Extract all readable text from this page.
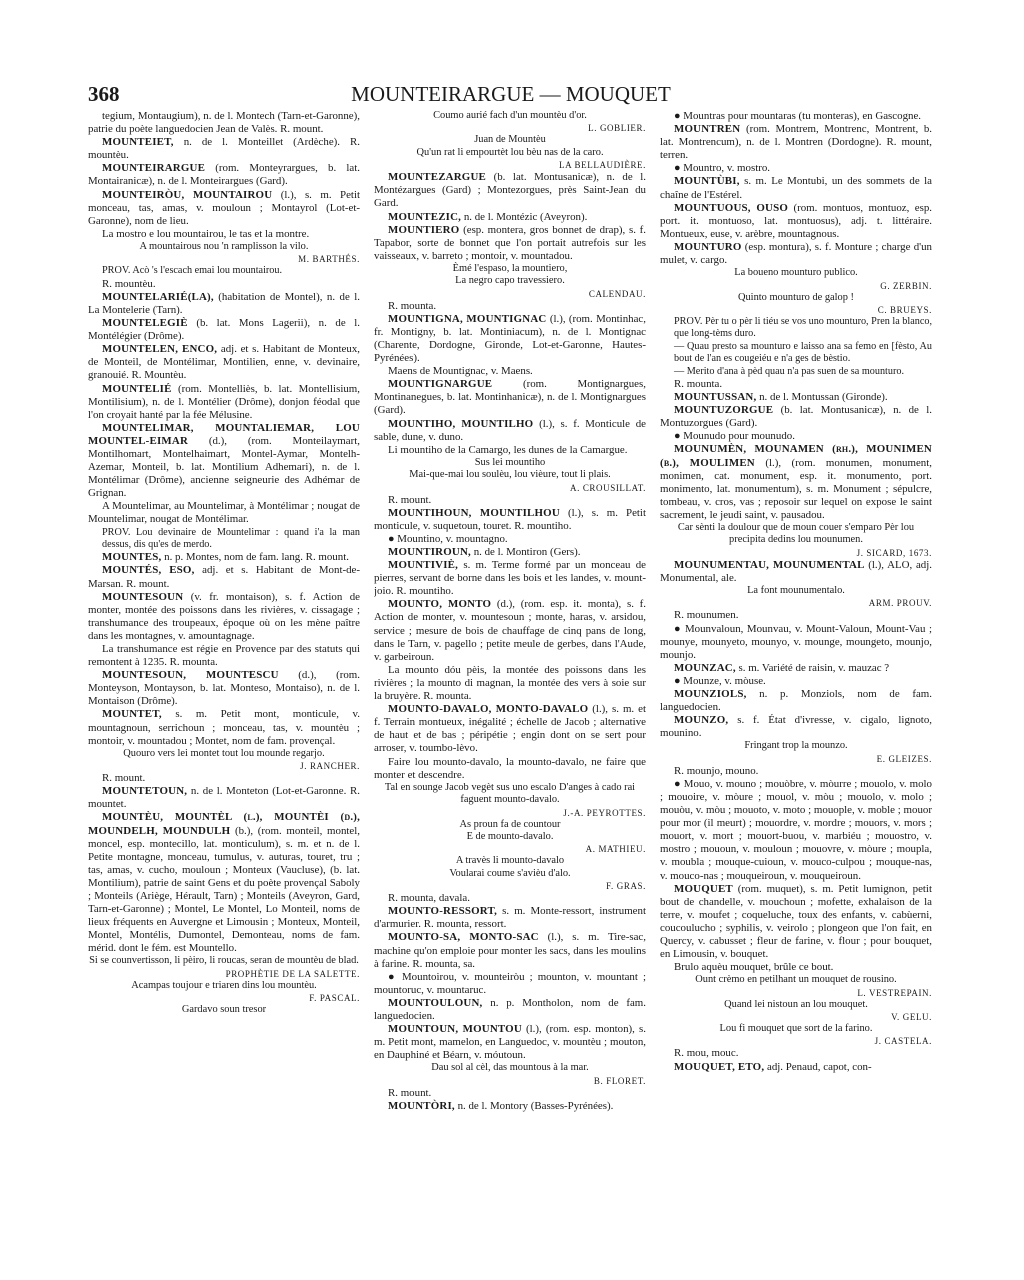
MOUNTEIRARGUE — MOUQUET
368

tegium, Montaugium), n. de l. Montech (Tarn-et-Garonne), patrie du poète languedocien Jean de Valès. R. mount.

MOUNTEIET, n. de l. Monteillet (Ardèche). R. mountèu.

MOUNTEIRARGUE (rom. Monteyrargues, b. lat. Montairanicæ), n. de l. Monteirargues (Gard).

MOUNTEIRÒU, MOUNTAIROU (l.), s. m. Petit monceau, tas, amas, v. mouloun ; Montayrol (Lot-et-Garonne), nom de lieu.

La mostro e lou mountairou, le tas et la montre.

A mountairous nou 'n ramplisson la vilo.

M. BARTHÉS.

PROV. Acò 's l'escach emai lou mountairou.

R. mountèu.

MOUNTELARIÉ(LA), (habitation de Montel), n. de l. La Montelerie (Tarn).

MOUNTELEGIÈ (b. lat. Mons Lagerii), n. de l. Montélégier (Drôme).

MOUNTELEN, ENCO, adj. et s. Habitant de Monteux, de Monteil, de Montélimar, Montilien, enne, v. devinaire, granouié. R. Mountèu.

MOUNTELIÉ (rom. Montelliès, b. lat. Montellisium, Montilisium), n. de l. Montélier (Drôme), donjon féodal que l'on croyait hanté par la fée Mélusine.

MOUNTELIMAR, MOUNTALIEMAR, LOU MOUNTEL-EIMAR (d.), (rom. Monteilaymart, Montilhomart, Montelhaimart, Montel-Aymar, Montelh-Azemar, Monteil, b. lat. Montilium Adhemari), n. de l. Montélimar (Drôme), ancienne seigneurie des Adhémar de Grignan.

A Mountelimar, au Mountelimar, à Montélimar ; nougat de Mountelimar, nougat de Montélimar.

PROV. Lou devinaire de Mountelimar : quand i'a la man dessus, dis qu'es de merdo.

MOUNTES, n. p. Montes, nom de fam. lang. R. mount.

MOUNTÉS, ESO, adj. et s. Habitant de Mont-de-Marsan. R. mount.

MOUNTESOUN (v. fr. montaison), s. f. Action de monter, montée des poissons dans les rivières, v. cissagage ; transhumance des troupeaux, époque où on les mène paître dans les montagnes, v. amountagnage.

La transhumance est régie en Provence par des statuts qui remontent à 1235. R. mounta.

MOUNTESOUN, MOUNTESCU (d.), (rom. Monteyson, Montayson, b. lat. Monteso, Montaiso), n. de l. Montaison (Drôme).

MOUNTET, s. m. Petit mont, monticule, v. mountagnoun, serrichoun ; monceau, tas, v. mountèu ; montoir, v. mountadou ; Montet, nom de fam. provençal.

Quouro vers lei montet tout lou mounde regarjo.

J. RANCHER.

R. mount.

MOUNTETOUN, n. de l. Monteton (Lot-et-Garonne. R. mountet.

MOUNTÈU, MOUNTÈL (l.), MOUNTÈI (d.), MOUNDELH, MOUNDULH (b.), (rom. monteil, montel, moncel, esp. montecillo, lat. monticulum), s. m. et n. de l. Petite montagne, monceau, tumulus, v. auturas, touret, tru ; tas, amas, v. cucho, mouloun ; Monteux (Vaucluse), (b. lat. Montilium), patrie de saint Gens et du poète provençal Saboly ; Monteils (Ariège, Hérault, Tarn) ; Monteils (Aveyron, Gard, Tarn-et-Garonne) ; Montel, Le Montel, Lo Monteil, noms de lieux fréquents en Auvergne et Limousin ; Monteux, Monteil, Montel, Montélis, Dumontel, Demonteau, noms de fam. mérid. dont le fém. est Mountello.

Si se counvertisson, li pèiro, li roucas, seran de mountèu de blad.

PROPHÈTIE DE LA SALETTE.

Acampas toujour e triaren dins lou mountèu.

F. PASCAL.

Gardavo soun tresor

Coumo aurié fach d'un mountèu d'or.

L. GOBLIER.

Juan de Mountèu

Qu'un rat li empourtèt lou bèu nas de la caro.

LA BELLAUDIÈRE.

MOUNTEZARGUE (b. lat. Montusanicæ), n. de l. Montézargues (Gard) ; Montezorgues, près Saint-Jean du Gard.

MOUNTEZIC, n. de l. Montézic (Aveyron).

MOUNTIERO (esp. montera, gros bonnet de drap), s. f. Tapabor, sorte de bonnet que l'on portait autrefois sur les vaisseaux, v. barreto ; montoir, v. mountadou.

Èmé l'espaso, la mountiero,

La negro capo travessiero.

CALENDAU.

R. mounta.

MOUNTIGNA, MOUNTIGNAC (l.), (rom. Montinhac, fr. Montigny, b. lat. Montiniacum), n. de l. Montignac (Charente, Dordogne, Gironde, Lot-et-Garonne, Hautes-Pyrénées).

Maens de Mountignac, v. Maens.

MOUNTIGNARGUE	(rom. Montignargues, Montinanegues, b. lat. Montinhanicæ), n. de l. Montignargues (Gard).

MOUNTIHO, MOUNTILHO (l.), s. f. Monticule de sable, dune, v. duno.

Li mountiho de la Camargo, les dunes de la Camargue.

Sus lei mountiho

Mai-que-mai lou soulèu, lou vièure, tout li plais.

A. CROUSILLAT.

R. mount.

MOUNTIHOUN, MOUNTILHOU (l.), s. m. Petit monticule, v. suquetoun, touret. R. mountiho.

● Mountino, v. mountagno.

MOUNTIROUN, n. de l. Montiron (Gers).

MOUNTIVIÈ, s. m. Terme formé par un monceau de pierres, servant de borne dans les bois et les landes, v. mount-joio. R. mountiho.

MOUNTO, MONTO (d.), (rom. esp. it. monta), s. f. Action de monter, v. mountesoun ; monte, haras, v. arsidou, service ; mesure de bois de chauffage de cinq pans de long, dans le Tarn, v. pagello ; petite meule de gerbes, dans l'Aude, v. garbeiroun.

La mounto dóu pèis, la montée des poissons dans les rivières ; la mounto di magnan, la montée des vers à soie sur la bruyère. R. mounta.

MOUNTO-DAVALO, MONTO-DAVALO (l.), s. m. et f. Terrain montueux, inégalité ; échelle de Jacob ; alternative de haut et de bas ; péripétie ; engin dont on se sert pour arroser, v. toumbo-lèvo.

Faire lou mounto-davalo, la mounto-davalo, ne faire que monter et descendre.

Tal en sounge Jacob vegèt sus uno escalo D'anges à cado rai faguent mounto-davalo.

J.-A. PEYROTTES.

As proun fa de countour

E de mounto-davalo.

A. MATHIEU.

A travès li mounto-davalo

Voularai coume s'avièu d'alo.

F. GRAS.

R. mounta, davala.

MOUNTO-RESSORT, s. m. Monte-ressort, instrument d'armurier. R. mounta, ressort.

MOUNTO-SA, MONTO-SAC (l.), s. m. Tire-sac, machine qu'on emploie pour monter les sacs, dans les moulins à farine. R. mounta, sa.

● Mountoirou, v. mounteiròu ; mounton, v. mountant ; mountoruc, v. mountaruc.

MOUNTOULOUN, n. p. Montholon, nom de fam. languedocien.

MOUNTOUN, MOUNTOU (l.), (rom. esp. monton), s. m. Petit mont, mamelon, en Languedoc, v. mountèu ; mouton, en Dauphiné et Béarn, v. móutoun.

Dau sol al cèl, das mountous à la mar.

B. FLORET.

R. mount.

MOUNTÒRI, n. de l. Montory (Basses-Pyrénées).

● Mountras pour mountaras (tu monteras), en Gascogne.

MOUNTREN (rom. Montrem, Montrenc, Montrent, b. lat. Montrencum), n. de l. Montren (Dordogne). R. mount, terren.

● Mountro, v. mostro.

MOUNTÙBI, s. m. Le Montubi, un des sommets de la chaîne de l'Estérel.

MOUNTUOUS, OUSO (rom. montuos, montuoz, esp. port. it. montuoso, lat. montuosus), adj. t. littéraire. Montueux, euse, v. arèbre, mountagnous.

MOUNTURO (esp. montura), s. f. Monture ; charge d'un mulet, v. cargo.

La boueno mounturo publico.

G. ZERBIN.

Quinto mounturo de galop !

C. BRUEYS.

PROV. Pèr tu o pèr li tiéu se vos uno mounturo, Pren la blanco, que long-tèms duro.

— Quau presto sa mounturo e laisso ana sa femo en [fèsto, Au bout de l'an es cougeiéu e n'a ges de bèstio.

— Merito d'ana à pèd quau n'a pas suen de sa mounturo.

R. mounta.

MOUNTUSSAN, n. de l. Montussan (Gironde).

MOUNTUZORGUE (b. lat. Montusanicæ), n. de l. Montuzorgues (Gard).

● Mounudo pour mounudo.

MOUNUMÈN, MOUNAMEN (rh.), MOUNIMEN (b.), MOULIMEN (l.), (rom. monumen, monument, monimen, cat. monument, esp. it. monumento, port. monimento, lat. monumentum), s. m. Monument ; sépulcre, tombeau, v. cros, vas ; reposoir sur lequel on expose le saint sacrement, le jeudi saint, v. pausadou.

Car sènti la doulour que de moun couer s'emparo Pèr lou precipita dedins lou mounumen.

J. SICARD, 1673.

MOUNUMENTAU, MOUNUMENTAL (l.), ALO, adj. Monumental, ale.

La font mounumentalo.

ARM. PROUV.

R. mounumen.

● Mounvaloun, Mounvau, v. Mount-Valoun, Mount-Vau ; mounye, mounyeto, mounyo, v. mounge, moungeto, mounjo, mounjo.

MOUNZAC, s. m. Variété de raisin, v. mauzac ?

● Mounze, v. mòuse.

MOUNZIOLS, n. p. Monziols, nom de fam. languedocien.

MOUNZO, s. f. État d'ivresse, v. cigalo, lignoto, mounino.

Fringant trop la mounzo.

E. GLEIZES.

R. mounjo, mouno.

● Mouo, v. mouno ; mouòbre, v. mòurre ; mouolo, v. molo ; mouoire, v. mòure ; mouol, v. mòu ; mouolo, v. molo ; mouòu, v. mòu ; mouoto, v. moto ; mouople, v. moble ; mouor pour mor (il meurt) ; mouordre, v. mordre ; mouors, v. mors ; mouort, v. mort ; mouort-buou, v. marbiéu ; mouostro, v. mostro ; mououn, v. mouloun ; mouovre, v. mòure ; moupla, v. moubla ; mouque-cuioun, v. mouco-culpou ; mouque-nas, v. mouco-nas ; mouqueiroun, v. mouqueiroun.

MOUQUET (rom. muquet), s. m. Petit lumignon, petit bout de chandelle, v. mouchoun ; mofette, exhalaison de la terre, v. moufet ; coqueluche, toux des enfants, v. cabùerni, coucoulucho ; syphilis, v. veirolo ; plongeon que l'on fait, en Quercy, v. cabusset ; fleur de farine, v. flour ; pour bouquet, en Limousin, v. bouquet.

Brulo aquèu mouquet, brûle ce bout.

Ount crèmo en petilhant un mouquet de rousino.

L. VESTREPAIN.

Quand lei nistoun an lou mouquet.

V. GELU.

Lou fi mouquet que sort de la farino.

J. CASTELA.

R. mou, mouc.

MOUQUET, ETO, adj. Penaud, capot, con-
